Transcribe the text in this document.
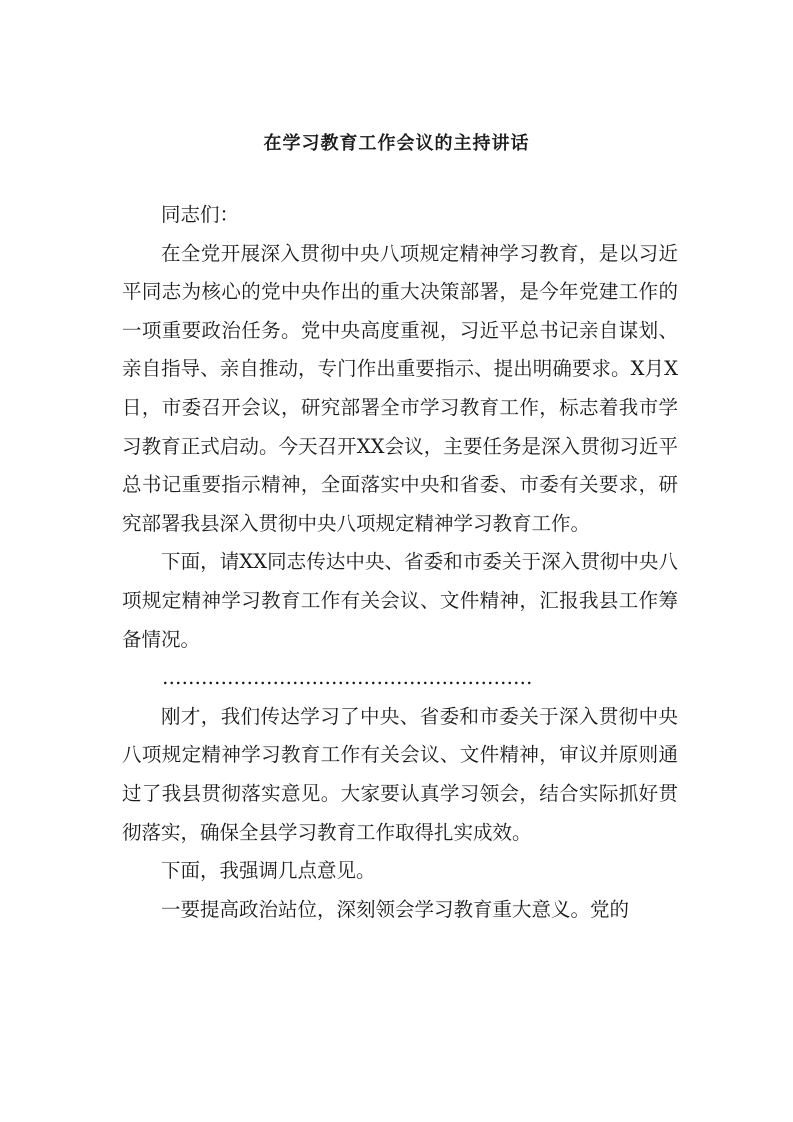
在学习教育工作会议的主持讲话

同志们：

在全党开展深入贯彻中央八项规定精神学习教育，是以习近平同志为核心的党中央作出的重大决策部署，是今年党建工作的一项重要政治任务。党中央高度重视，习近平总书记亲自谋划、亲自指导、亲自推动，专门作出重要指示、提出明确要求。X月X日，市委召开会议，研究部署全市学习教育工作，标志着我市学习教育正式启动。今天召开XX会议，主要任务是深入贯彻习近平总书记重要指示精神，全面落实中央和省委、市委有关要求，研究部署我县深入贯彻中央八项规定精神学习教育工作。

下面，请XX同志传达中央、省委和市委关于深入贯彻中央八项规定精神学习教育工作有关会议、文件精神，汇报我县工作筹备情况。

…………………………………………………

刚才，我们传达学习了中央、省委和市委关于深入贯彻中央八项规定精神学习教育工作有关会议、文件精神，审议并原则通过了我县贯彻落实意见。大家要认真学习领会，结合实际抓好贯彻落实，确保全县学习教育工作取得扎实成效。

下面，我强调几点意见。

一要提高政治站位，深刻领会学习教育重大意义。党的
